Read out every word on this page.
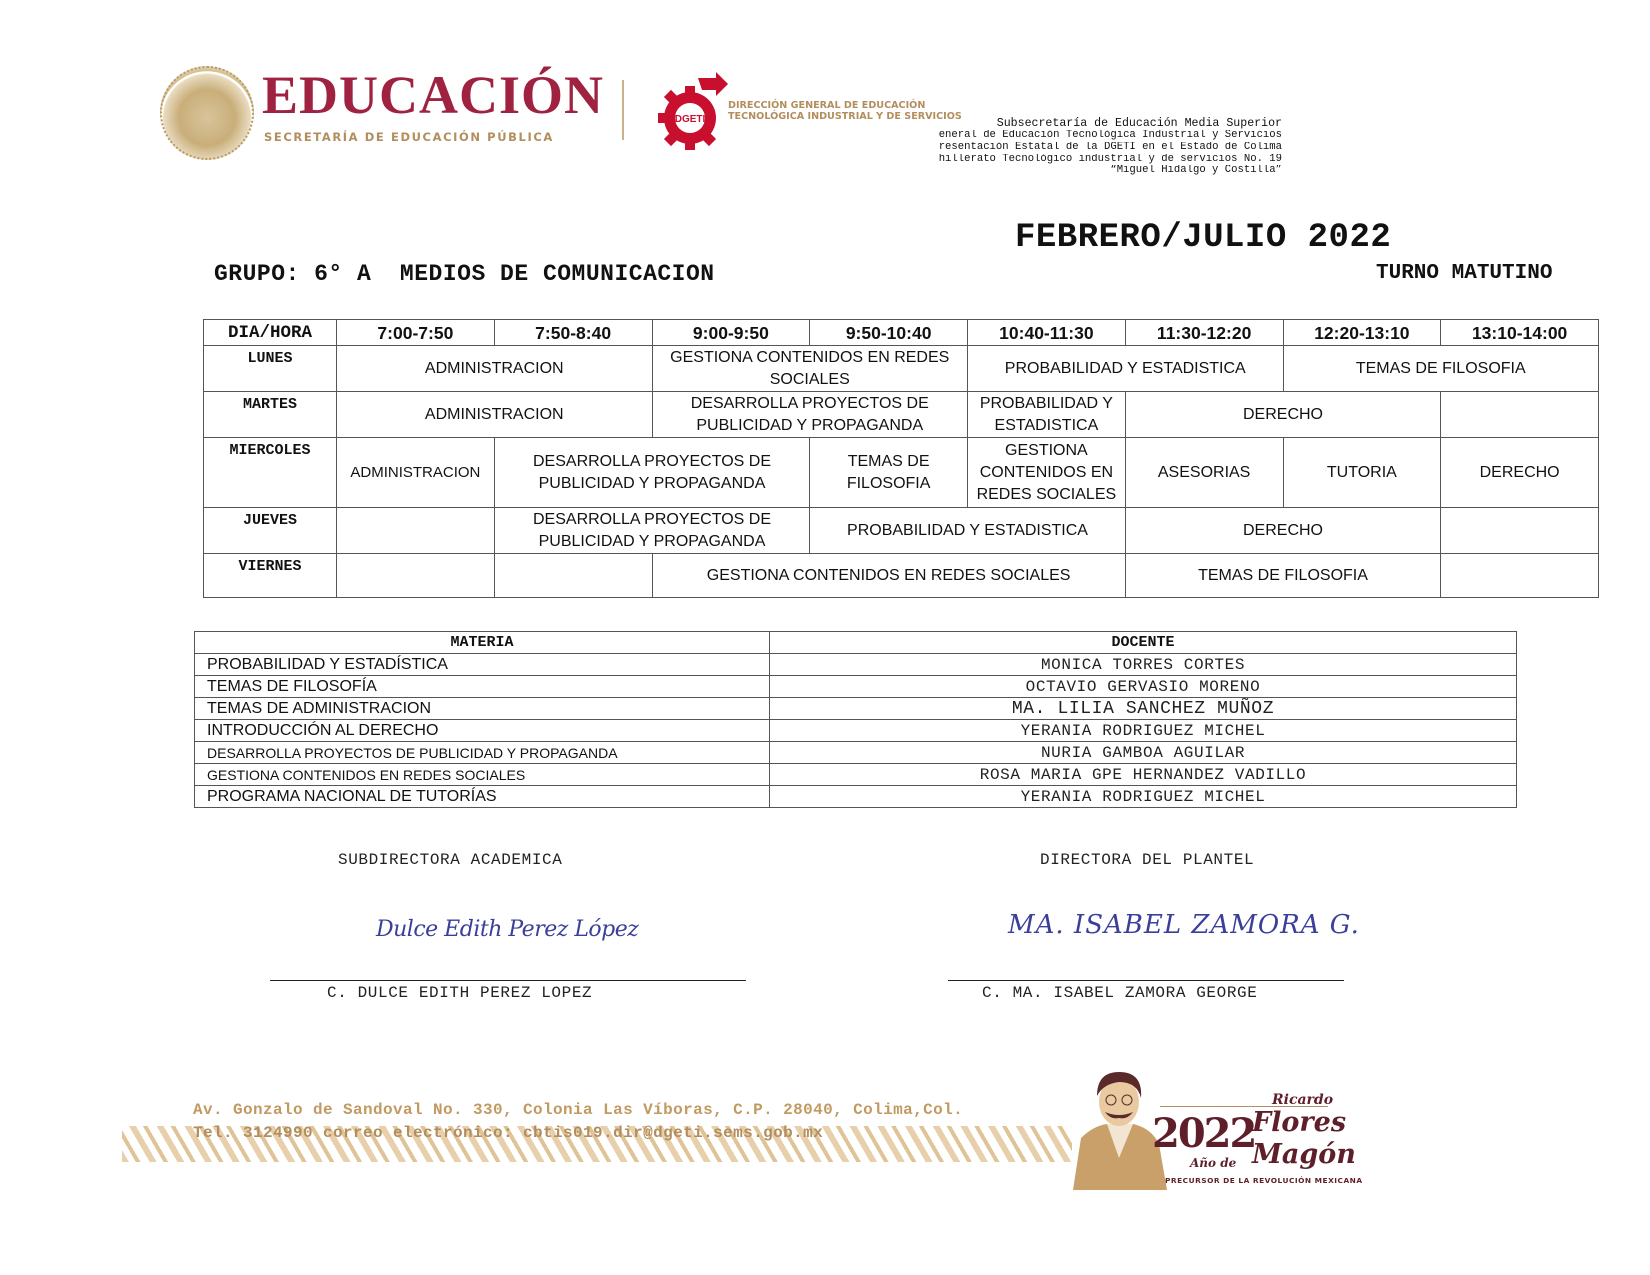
EDUCACIÓN
SECRETARÍA DE EDUCACIÓN PÚBLICA
DGETI
DIRECCIÓN GENERAL DE EDUCACIÓN
TECNOLÓGICA INDUSTRIAL Y DE SERVICIOS
Subsecretaría de Educación Media Superior
eneral de Educación Tecnológica Industrial y Servicios
resentación Estatal de la DGETI en el Estado de Colima
hillerato Tecnológico industrial y de servicios No. 19
“Miguel Hidalgo y Costilla”
FEBRERO/JULIO 2022
GRUPO: 6° A  MEDIOS DE COMUNICACION	TURNO MATUTINO
DIA/HORA	7:00-7:50	7:50-8:40	9:00-9:50	9:50-10:40	10:40-11:30	11:30-12:20	12:20-13:10	13:10-14:00
LUNES	ADMINISTRACION		GESTIONA CONTENIDOS EN REDES SOCIALES		PROBABILIDAD Y ESTADISTICA		TEMAS DE FILOSOFIA	
MARTES	ADMINISTRACION		DESARROLLA PROYECTOS DE PUBLICIDAD Y PROPAGANDA		PROBABILIDAD Y ESTADISTICA	DERECHO		
MIERCOLES	ADMINISTRACION	DESARROLLA PROYECTOS DE PUBLICIDAD Y PROPAGANDA		TEMAS DE FILOSOFIA	GESTIONA CONTENIDOS EN REDES SOCIALES	ASESORIAS	TUTORIA	DERECHO
JUEVES		DESARROLLA PROYECTOS DE PUBLICIDAD Y PROPAGANDA		PROBABILIDAD Y ESTADISTICA		DERECHO		
VIERNES			GESTIONA CONTENIDOS EN REDES SOCIALES			TEMAS DE FILOSOFIA		
MATERIA	DOCENTE
PROBABILIDAD Y ESTADÍSTICA	MONICA TORRES CORTES
TEMAS DE FILOSOFÍA	OCTAVIO GERVASIO MORENO
TEMAS DE ADMINISTRACION	MA. LILIA SANCHEZ MUÑOZ
INTRODUCCIÓN AL DERECHO	YERANIA RODRIGUEZ MICHEL
DESARROLLA PROYECTOS DE PUBLICIDAD Y PROPAGANDA	NURIA GAMBOA AGUILAR
GESTIONA CONTENIDOS EN REDES SOCIALES	ROSA MARIA GPE HERNANDEZ VADILLO
PROGRAMA NACIONAL DE TUTORÍAS	YERANIA RODRIGUEZ MICHEL
SUBDIRECTORA ACADEMICA	DIRECTORA DEL PLANTEL
Dulce Edith Perez López	MA. ISABEL ZAMORA G.
C. DULCE EDITH PEREZ LOPEZ	C. MA. ISABEL ZAMORA GEORGE
Av. Gonzalo de Sandoval No. 330, Colonia Las Víboras, C.P. 28040, Colima,Col.
Tel. 3124990 correo electrónico: cbtis019.dir@dgeti.sems.gob.mx	2022
Año de
Ricardo
Flores
Magón
PRECURSOR DE LA REVOLUCIÓN MEXICANA
